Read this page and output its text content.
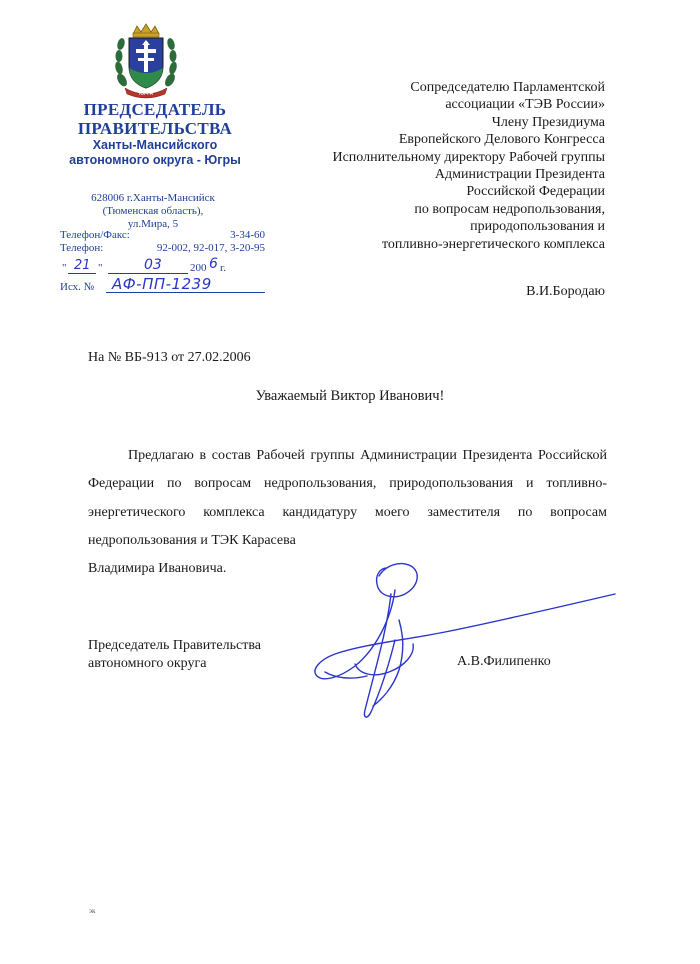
ЮГРА
ПРЕДСЕДАТЕЛЬ
ПРАВИТЕЛЬСТВА
Ханты-Мансийского
автономного округа - Югры
628006 г.Ханты-Мансийск
(Тюменская область),
ул.Мира, 5
Телефон/Факс:	3-34-60
Телефон:	92-002, 92-017, 3-20-95
" 21 "	03	200 6 г.
Исх. № АФ-ПП-1239
Сопредседателю Парламентской
ассоциации «ТЭВ России»
Члену Президиума
Европейского Делового Конгресса
Исполнительному директору Рабочей группы
Администрации Президента
Российской Федерации
по вопросам недропользования,
природопользования и
топливно-энергетического комплекса
В.И.Бородаю
На № ВБ-913 от 27.02.2006
Уважаемый Виктор Иванович!
Предлагаю в состав Рабочей группы Администрации Президента Российской Федерации по вопросам недропользования, природопользования и топливно-энергетического комплекса кандидатуру моего заместителя по вопросам недропользования и ТЭК Карасева
Владимира Ивановича.
Председатель Правительства
автономного округа	А.В.Филипенко
эк
